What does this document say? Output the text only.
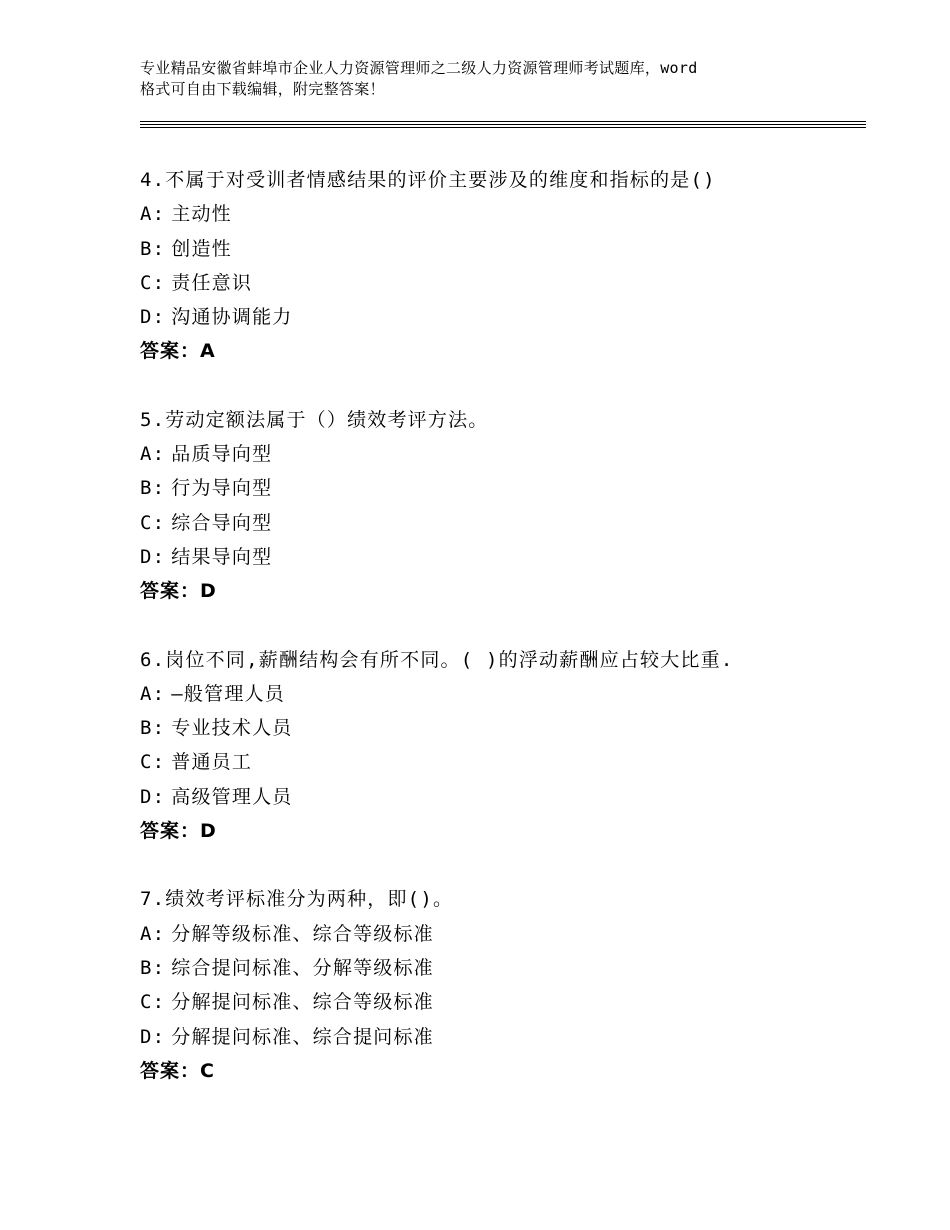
专业精品安徽省蚌埠市企业人力资源管理师之二级人力资源管理师考试题库，word
格式可自由下载编辑，附完整答案！
4.不属于对受训者情感结果的评价主要涉及的维度和指标的是()
A: 主动性
B: 创造性
C: 责任意识
D: 沟通协调能力
答案：A
5.劳动定额法属于（）绩效考评方法。
A: 品质导向型
B: 行为导向型
C: 综合导向型
D: 结果导向型
答案：D
6.岗位不同,薪酬结构会有所不同。( )的浮动薪酬应占较大比重.
A: —般管理人员
B: 专业技术人员
C: 普通员工
D: 高级管理人员
答案：D
7.绩效考评标准分为两种，即()。
A: 分解等级标准、综合等级标准
B: 综合提问标准、分解等级标准
C: 分解提问标准、综合等级标准
D: 分解提问标准、综合提问标准
答案：C
